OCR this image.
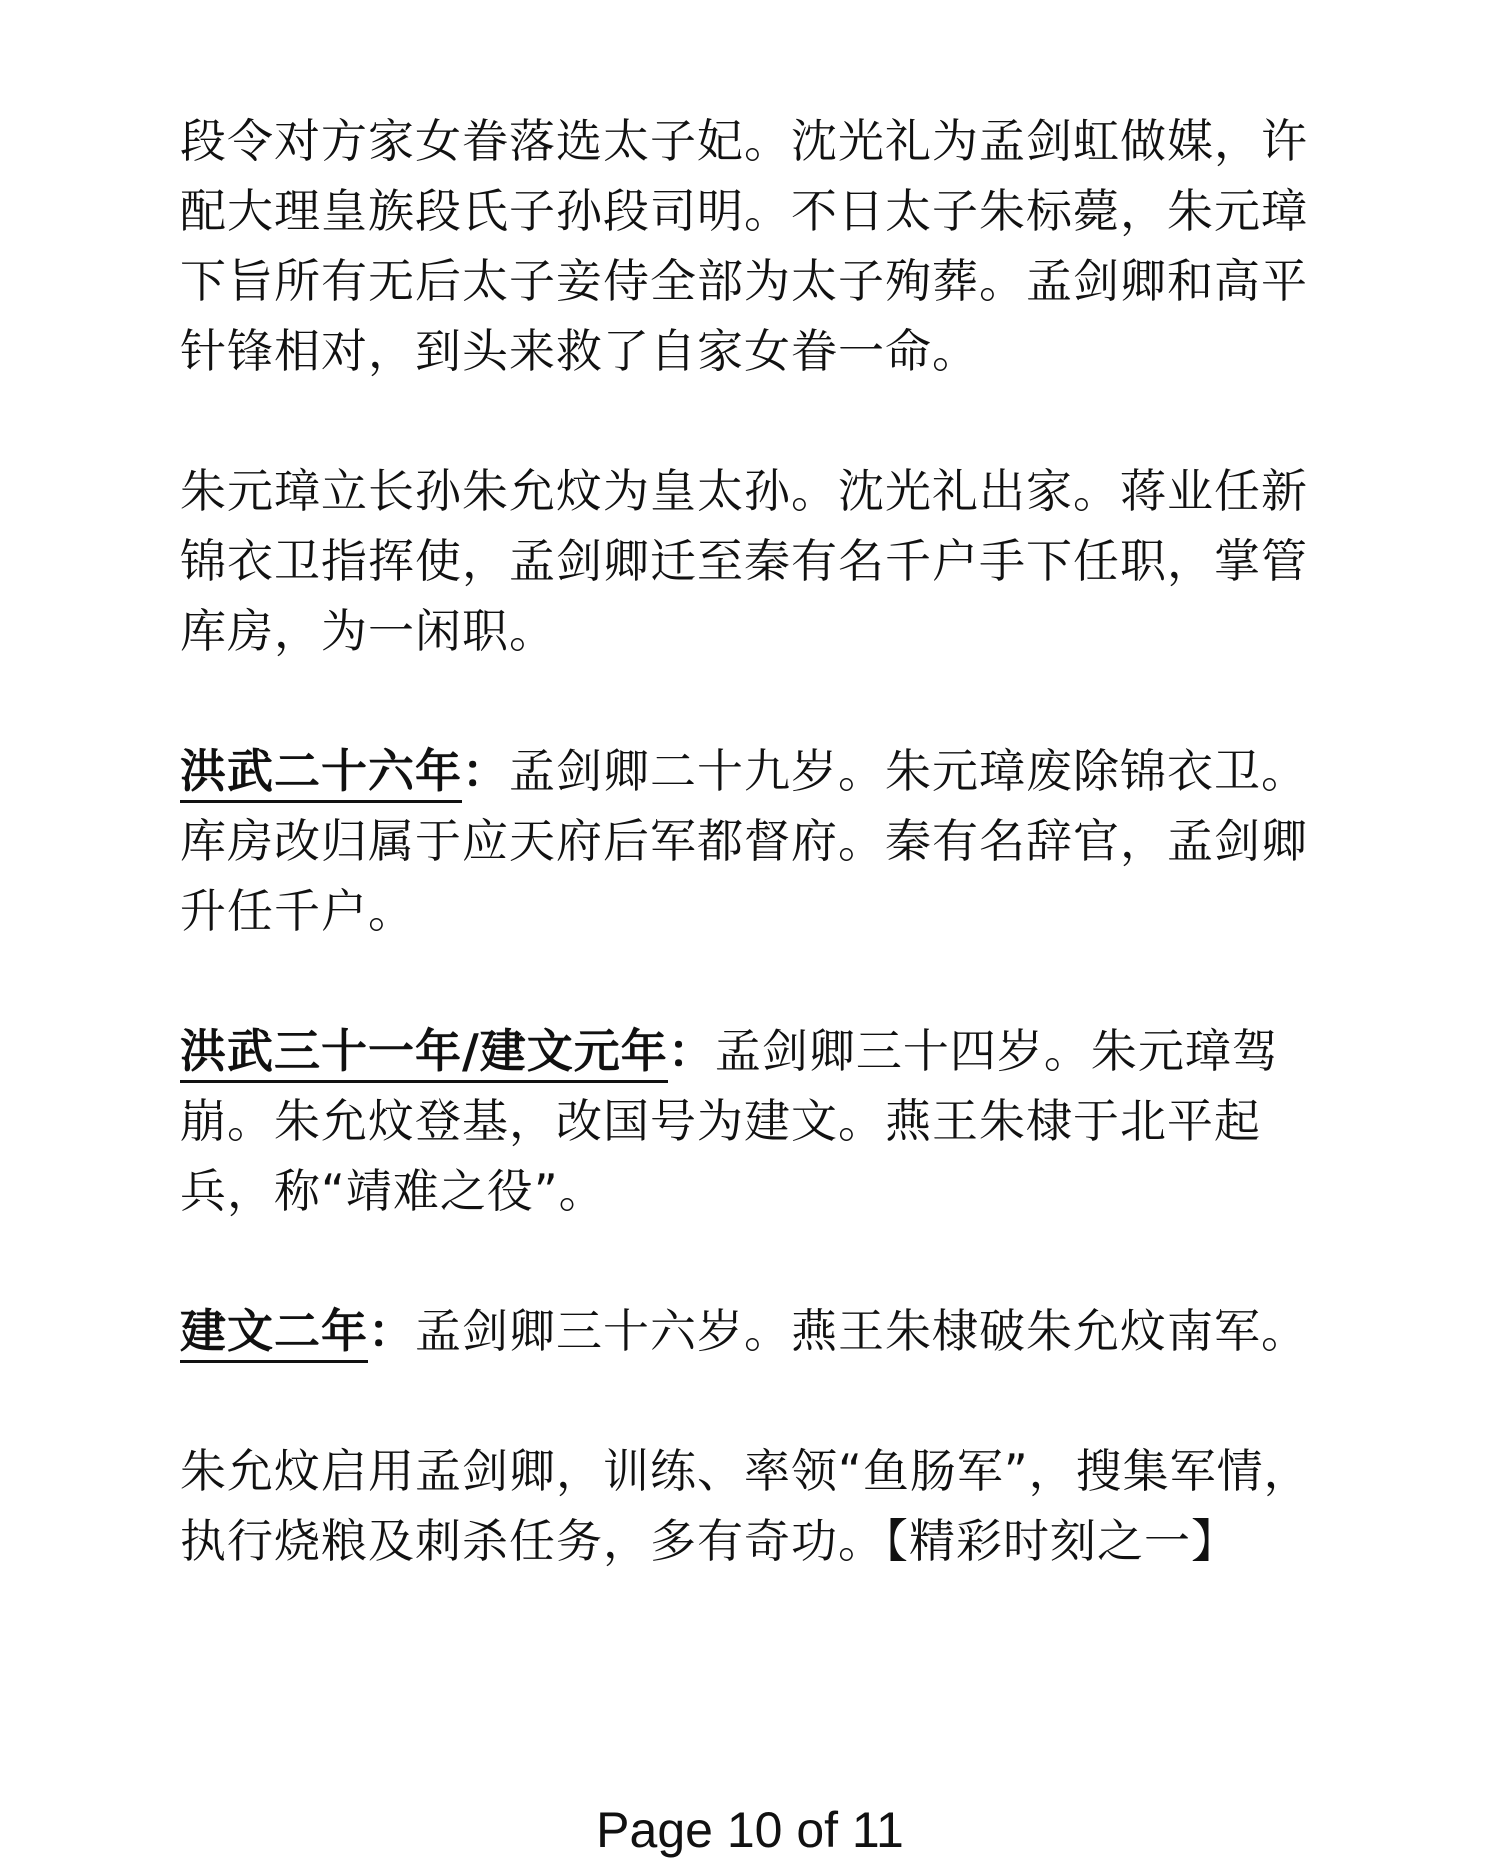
段令对方家女眷落选太子妃。沈光礼为孟剑虹做媒，许配大理皇族段氏子孙段司明。不日太子朱标薨，朱元璋下旨所有无后太子妾侍全部为太子殉葬。孟剑卿和高平针锋相对，到头来救了自家女眷一命。

朱元璋立长孙朱允炆为皇太孙。沈光礼出家。蒋业任新锦衣卫指挥使，孟剑卿迁至秦有名千户手下任职，掌管库房，为一闲职。

洪武二十六年：孟剑卿二十九岁。朱元璋废除锦衣卫。库房改归属于应天府后军都督府。秦有名辞官，孟剑卿升任千户。

洪武三十一年/建文元年：孟剑卿三十四岁。朱元璋驾崩。朱允炆登基，改国号为建文。燕王朱棣于北平起兵，称“靖难之役”。

建文二年：孟剑卿三十六岁。燕王朱棣破朱允炆南军。

朱允炆启用孟剑卿，训练、率领“鱼肠军”，搜集军情，执行烧粮及刺杀任务，多有奇功。【精彩时刻之一】

Page 10 of 11
